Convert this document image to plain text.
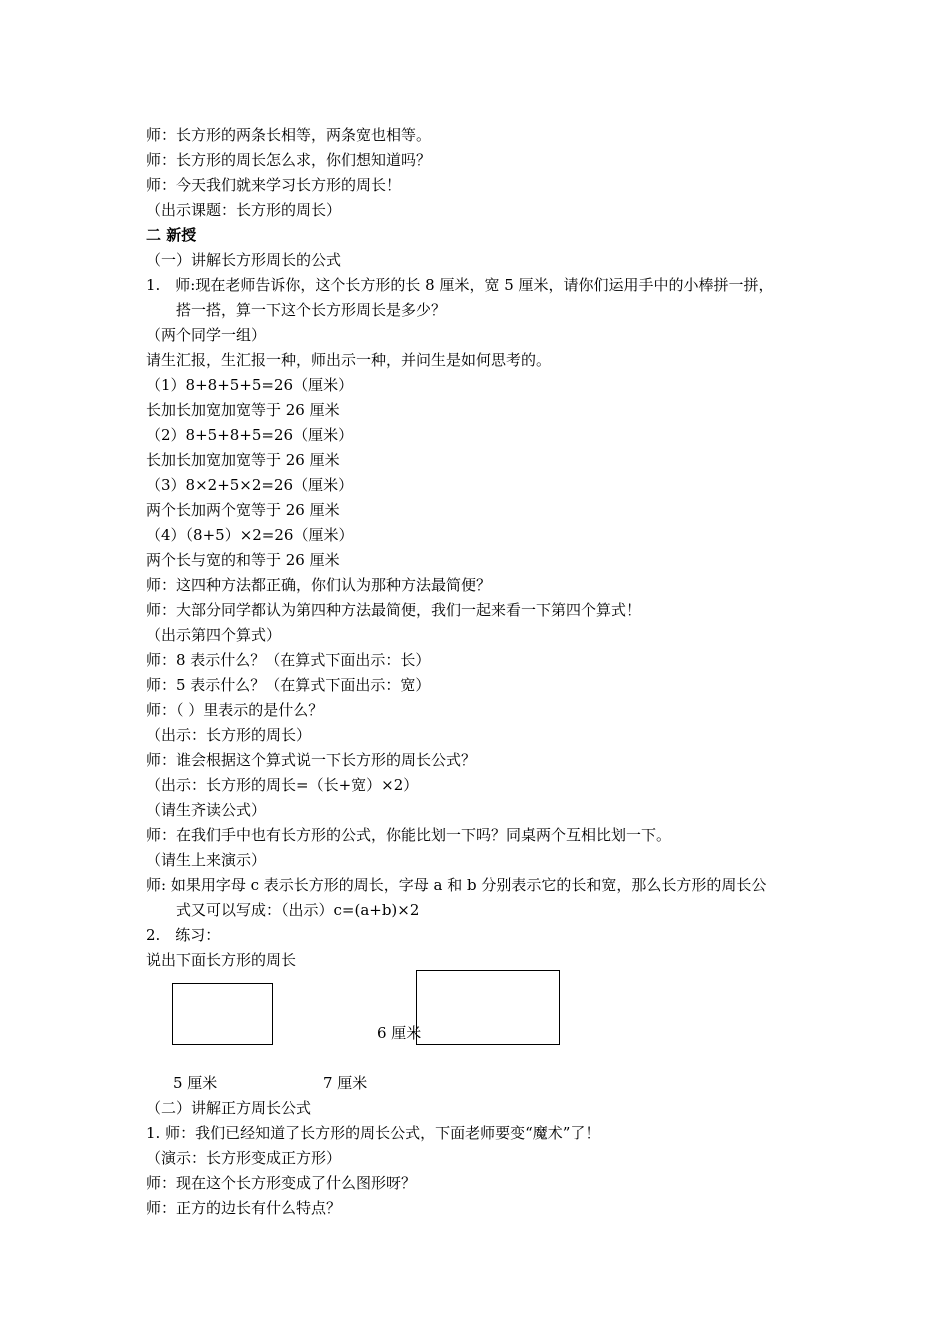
师：长方形的两条长相等，两条宽也相等。
师：长方形的周长怎么求，你们想知道吗？
师：今天我们就来学习长方形的周长！
（出示课题：长方形的周长）
二 新授
（一）讲解长方形周长的公式
1.　师:现在老师告诉你，这个长方形的长 8 厘米，宽 5 厘米，请你们运用手中的小棒拼一拼，
搭一搭，算一下这个长方形周长是多少？
（两个同学一组）
请生汇报，生汇报一种，师出示一种，并问生是如何思考的。
（1）8+8+5+5=26（厘米）
长加长加宽加宽等于 26 厘米
（2）8+5+8+5=26（厘米）
长加长加宽加宽等于 26 厘米
（3）8×2+5×2=26（厘米）
两个长加两个宽等于 26 厘米
（4）（8+5）×2=26（厘米）
两个长与宽的和等于 26 厘米
师：这四种方法都正确，你们认为那种方法最简便？
师：大部分同学都认为第四种方法最简便，我们一起来看一下第四个算式！
（出示第四个算式）
师：8 表示什么？（在算式下面出示：长）
师：5 表示什么？（在算式下面出示：宽）
师：（ ）里表示的是什么？
（出示：长方形的周长）
师：谁会根据这个算式说一下长方形的周长公式？
（出示：长方形的周长=（长+宽）×2）
（请生齐读公式）
师：在我们手中也有长方形的公式，你能比划一下吗？同桌两个互相比划一下。
（请生上来演示）
师: 如果用字母 c 表示长方形的周长，字母 a 和 b 分别表示它的长和宽，那么长方形的周长公
式又可以写成：（出示）c=(a+b)×2
2.　练习：
说出下面长方形的周长
6 厘米
5 厘米	7 厘米
（二）讲解正方周长公式
1. 师：我们已经知道了长方形的周长公式，下面老师要变“魔术”了！
（演示：长方形变成正方形）
师：现在这个长方形变成了什么图形呀？
师：正方的边长有什么特点？
